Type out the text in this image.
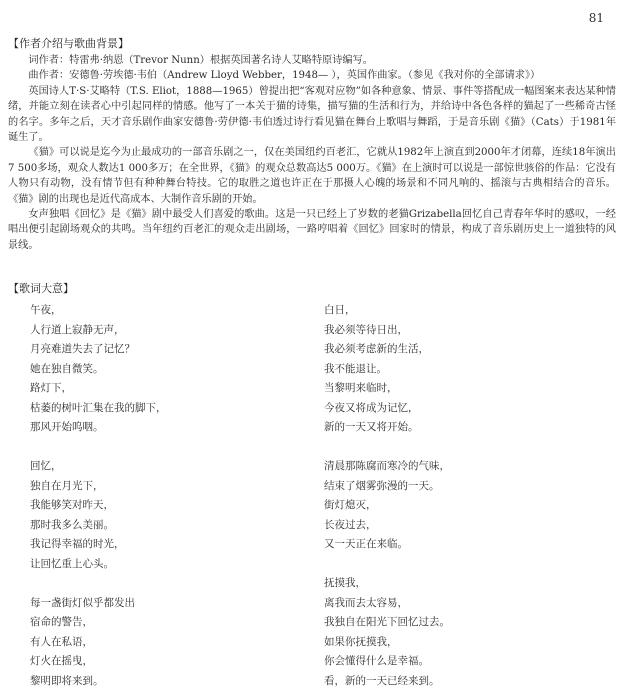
81
【作者介绍与歌曲背景】

词作者：特雷弗·纳恩（Trevor Nunn）根据英国著名诗人艾略特原诗编写。

曲作者：安德鲁·劳埃德·韦伯（Andrew Lloyd Webber，1948— ），英国作曲家。（参见《我对你的全部请求》）

英国诗人T·S·艾略特（T.S. Eliot，1888—1965）曾提出把“客观对应物”如各种意象、情景、事件等搭配成一幅图案来表达某种情绪，并能立刻在读者心中引起同样的情感。他写了一本关于猫的诗集，描写猫的生活和行为，并给诗中各色各样的猫起了一些稀奇古怪的名字。多年之后，天才音乐剧作曲家安德鲁·劳伊德·韦伯透过诗行看见猫在舞台上歌唱与舞蹈，于是音乐剧《猫》（Cats）于1981年诞生了。

《猫》可以说是迄今为止最成功的一部音乐剧之一，仅在美国纽约百老汇，它就从1982年上演直到2000年才闭幕，连续18年演出7 500多场，观众人数达1 000多万；在全世界，《猫》的观众总数高达5 000万。《猫》在上演时可以说是一部惊世骇俗的作品：它没有人物只有动物，没有情节但有种种舞台特技。它的取胜之道也许正在于那摄人心魄的场景和不同凡响的、摇滚与古典相结合的音乐。《猫》剧的出现也是近代高成本、大制作音乐剧的开始。

女声独唱《回忆》是《猫》剧中最受人们喜爱的歌曲。这是一只已经上了岁数的老猫Grizabella回忆自己青春年华时的感叹，一经唱出便引起剧场观众的共鸣。当年纽约百老汇的观众走出剧场，一路哼唱着《回忆》回家时的情景，构成了音乐剧历史上一道独特的风景线。

【歌词大意】
午夜，
人行道上寂静无声，
月亮难道失去了记忆？
她在独自微笑。
路灯下，
枯萎的树叶汇集在我的脚下，
那风开始呜咽。
回忆，
独自在月光下，
我能够笑对昨天，
那时我多么美丽。
我记得幸福的时光，
让回忆重上心头。
每一盏街灯似乎都发出
宿命的警告，
有人在私语，
灯火在摇曳，
黎明即将来到。
白日，
我必须等待日出，
我必须考虑新的生活，
我不能退让。
当黎明来临时，
今夜又将成为记忆，
新的一天又将开始。
清晨那陈腐而寒冷的气味，
结束了烟雾弥漫的一天。
街灯熄灭，
长夜过去，
又一天正在来临。
抚摸我，
离我而去太容易，
我独自在阳光下回忆过去。
如果你抚摸我，
你会懂得什么是幸福。
看，新的一天已经来到。
